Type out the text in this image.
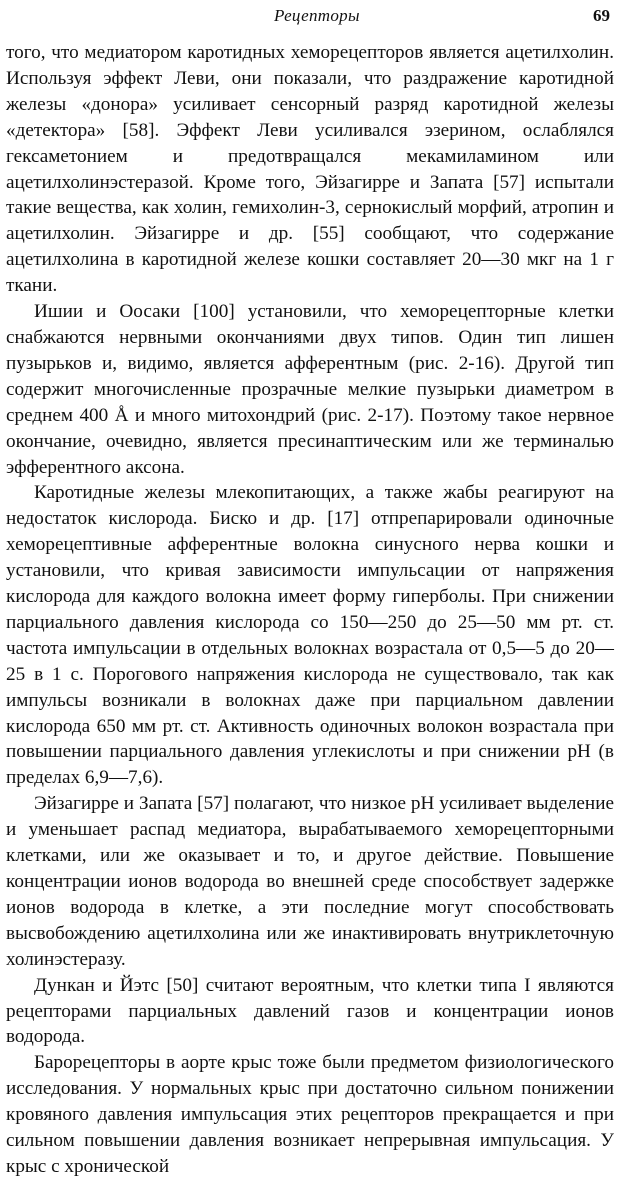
Рецепторы	69

того, что медиатором каротидных хеморецепторов является ацетилхолин. Используя эффект Леви, они показали, что раздражение каротидной железы «донора» усиливает сенсорный разряд каротидной железы «детектора» [58]. Эффект Леви усиливался эзерином, ослаблялся гексаметонием и предотвращался мекамиламином или ацетилхолинэстеразой. Кроме того, Эйзагирре и Запата [57] испытали такие вещества, как холин, гемихолин-3, сернокислый морфий, атропин и ацетилхолин. Эйзагирре и др. [55] сообщают, что содержание ацетилхолина в каротидной железе кошки составляет 20—30 мкг на 1 г ткани.

Ишии и Оосаки [100] установили, что хеморецепторные клетки снабжаются нервными окончаниями двух типов. Один тип лишен пузырьков и, видимо, является афферентным (рис. 2-16). Другой тип содержит многочисленные прозрачные мелкие пузырьки диаметром в среднем 400 Å и много митохондрий (рис. 2-17). Поэтому такое нервное окончание, очевидно, является пресинаптическим или же терминалью эфферентного аксона.

Каротидные железы млекопитающих, а также жабы реагируют на недостаток кислорода. Биско и др. [17] отпрепарировали одиночные хеморецептивные афферентные волокна синусного нерва кошки и установили, что кривая зависимости импульсации от напряжения кислорода для каждого волокна имеет форму гиперболы. При снижении парциального давления кислорода со 150—250 до 25—50 мм рт. ст. частота импульсации в отдельных волокнах возрастала от 0,5—5 до 20—25 в 1 с. Порогового напряжения кислорода не существовало, так как импульсы возникали в волокнах даже при парциальном давлении кислорода 650 мм рт. ст. Активность одиночных волокон возрастала при повышении парциального давления углекислоты и при снижении pH (в пределах 6,9—7,6).

Эйзагирре и Запата [57] полагают, что низкое pH усиливает выделение и уменьшает распад медиатора, вырабатываемого хеморецепторными клетками, или же оказывает и то, и другое действие. Повышение концентрации ионов водорода во внешней среде способствует задержке ионов водорода в клетке, а эти последние могут способствовать высвобождению ацетилхолина или же инактивировать внутриклеточную холинэстеразу.

Дункан и Йэтс [50] считают вероятным, что клетки типа I являются рецепторами парциальных давлений газов и концентрации ионов водорода.

Барорецепторы в аорте крыс тоже были предметом физиологического исследования. У нормальных крыс при достаточно сильном понижении кровяного давления импульсация этих рецепторов прекращается и при сильном повышении давления возникает непрерывная импульсация. У крыс с хронической
